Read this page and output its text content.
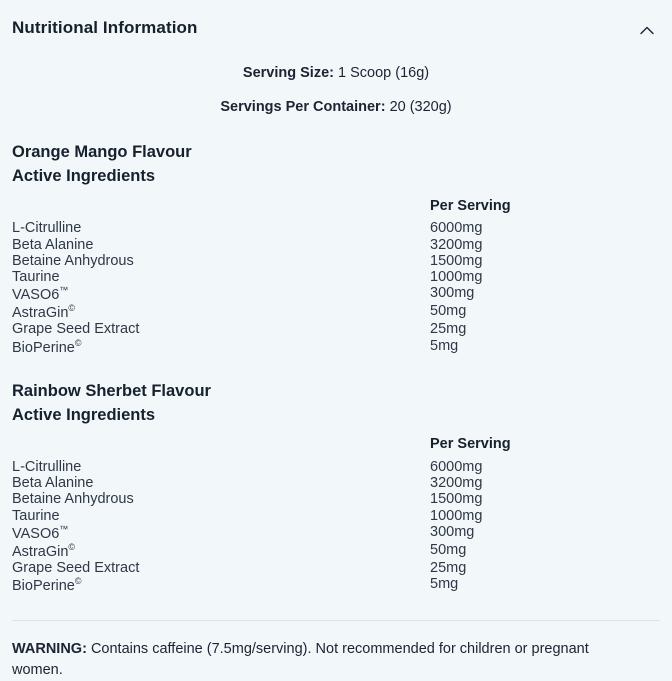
Nutritional Information

Serving Size: 1 Scoop (16g)

Servings Per Container: 20 (320g)

Orange Mango Flavour
Active Ingredients
	Per Serving
L-Citrulline	6000mg
Beta Alanine	3200mg
Betaine Anhydrous	1500mg
Taurine	1000mg
VASO6™	300mg
AstraGin©	50mg
Grape Seed Extract	25mg
BioPerine©	5mg
Rainbow Sherbet Flavour
Active Ingredients
	Per Serving
L-Citrulline	6000mg
Beta Alanine	3200mg
Betaine Anhydrous	1500mg
Taurine	1000mg
VASO6™	300mg
AstraGin©	50mg
Grape Seed Extract	25mg
BioPerine©	5mg

WARNING: Contains caffeine (7.5mg/serving). Not recommended for children or pregnant women.
